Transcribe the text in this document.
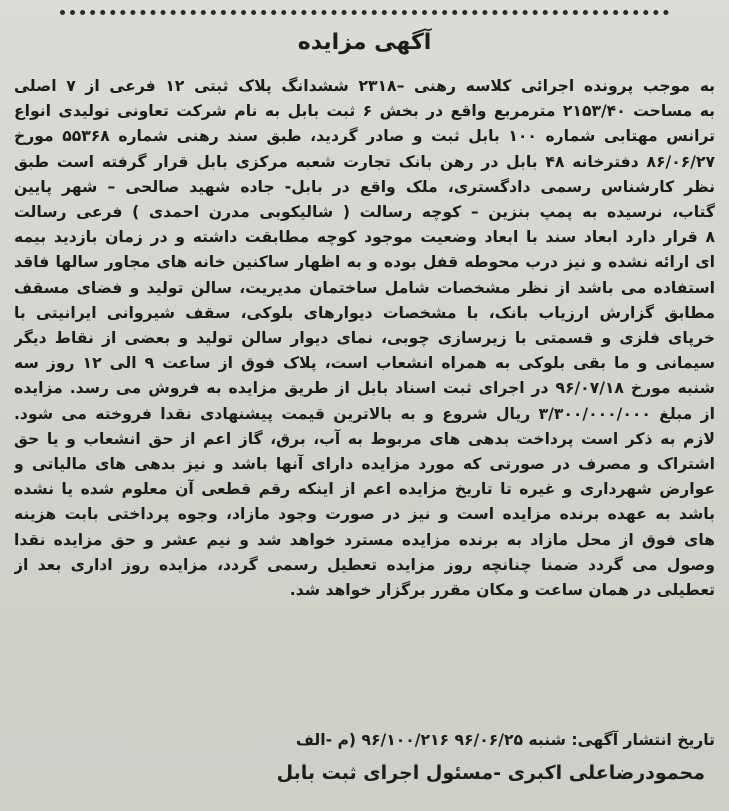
آگهی مزایده
به موجب پرونده اجرائی کلاسه رهنی –۲۳۱۸ ششدانگ پلاک ثبتی ۱۲ فرعی از ۷ اصلی
به مساحت ۲۱۵۳/۴۰ مترمربع واقع در بخش ۶ ثبت بابل به نام شرکت تعاونی تولیدی انواع
ترانس مهتابی شماره ۱۰۰ بابل ثبت و صادر گردید، طبق سند رهنی شماره ۵۵۳۶۸ مورخ
۸۶/۰۶/۲۷ دفترخانه ۴۸ بابل در رهن بانک تجارت شعبه مرکزی بابل قرار گرفته است طبق
نظر کارشناس رسمی دادگستری، ملک واقع در بابل- جاده شهید صالحی – شهر پایین
گتاب، نرسیده به پمپ بنزین – کوچه رسالت ( شالیکوبی مدرن احمدی ) فرعی رسالت
۸ قرار دارد ابعاد سند با ابعاد وضعیت موجود کوچه مطابقت داشته و در زمان بازدید بیمه
ای ارائه نشده و نیز درب محوطه قفل بوده و به اظهار ساکنین خانه های مجاور سالها فاقد
استفاده می باشد از نظر مشخصات شامل ساختمان مدیریت، سالن تولید و فضای مسقف
مطابق گزارش ارزیاب بانک، با مشخصات دیوارهای بلوکی، سقف شیروانی ایرانیتی با
خرپای فلزی و قسمتی با زیرسازی چوبی، نمای دیوار سالن تولید و بعضی از نقاط دیگر
سیمانی و ما بقی بلوکی به همراه انشعاب است، پلاک فوق از ساعت ۹ الی ۱۲ روز سه
شنبه مورخ ۹۶/۰۷/۱۸ در اجرای ثبت اسناد بابل از طریق مزایده به فروش می رسد. مزایده
از مبلغ ۳/۳۰۰/۰۰۰/۰۰۰ ریال شروع و به بالاترین قیمت پیشنهادی نقدا فروخته می شود.
لازم به ذکر است پرداخت بدهی های مربوط به آب، برق، گاز اعم از حق انشعاب و یا حق
اشتراک و مصرف در صورتی که مورد مزایده دارای آنها باشد و نیز بدهی های مالیاتی و
عوارض شهرداری و غیره تا تاریخ مزایده اعم از اینکه رقم قطعی آن معلوم شده یا نشده
باشد به عهده برنده مزایده است و نیز در صورت وجود مازاد، وجوه پرداختی بابت هزینه
های فوق از محل مازاد به برنده مزایده مسترد خواهد شد و نیم عشر و حق مزایده نقدا
وصول می گردد ضمنا چنانچه روز مزایده تعطیل رسمی گردد، مزایده روز اداری بعد از
تعطیلی در همان ساعت و مکان مقرر برگزار خواهد شد.
تاریخ انتشار آگهی: شنبه ۹۶/۰۶/۲۵ ۹۶/۱۰۰/۲۱۶ (م -الف
محمودرضاعلی اکبری -مسئول اجرای ثبت بابل
